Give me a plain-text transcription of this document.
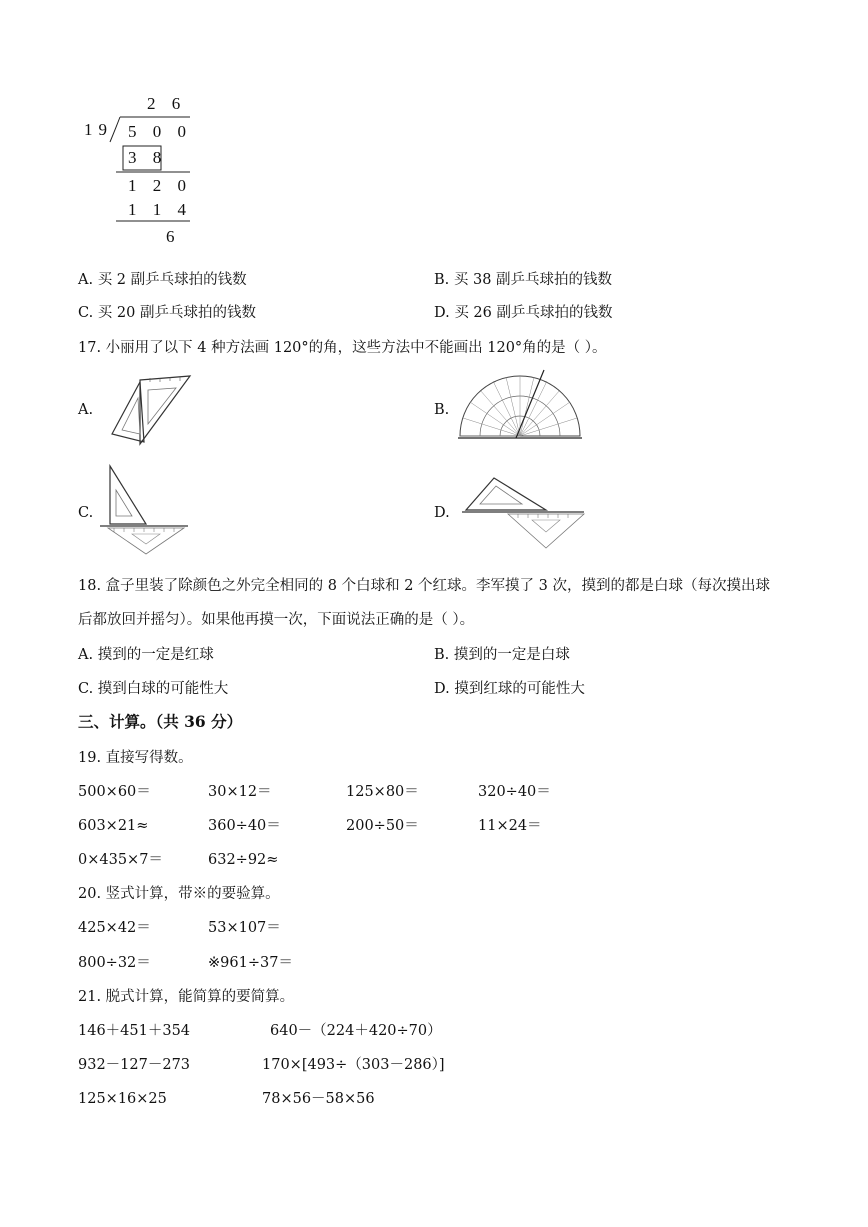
2 6
19 5 0 0
3 8
1 2 0
1 1 4
6
A. 买 2 副乒乓球拍的钱数	B. 买 38 副乒乓球拍的钱数
C. 买 20 副乒乓球拍的钱数	D. 买 26 副乒乓球拍的钱数
17. 小丽用了以下 4 种方法画 120°的角，这些方法中不能画出 120°角的是（ ）。
A.	B.
C.	D.
18. 盒子里装了除颜色之外完全相同的 8 个白球和 2 个红球。李军摸了 3 次，摸到的都是白球（每次摸出球
后都放回并摇匀）。如果他再摸一次，下面说法正确的是（ ）。
A. 摸到的一定是红球	B. 摸到的一定是白球
C. 摸到白球的可能性大	D. 摸到红球的可能性大
三、计算。（共 36 分）
19. 直接写得数。
500×60＝	30×12＝	125×80＝	320÷40＝
603×21≈	360÷40＝	200÷50＝	11×24＝
0×435×7＝	632÷92≈
20. 竖式计算，带※的要验算。
425×42＝	53×107＝
800÷32＝	※961÷37＝
21. 脱式计算，能简算的要简算。
146＋451＋354	640－（224＋420÷70）
932－127－273	170×[493÷（303－286）]
125×16×25	78×56－58×56
